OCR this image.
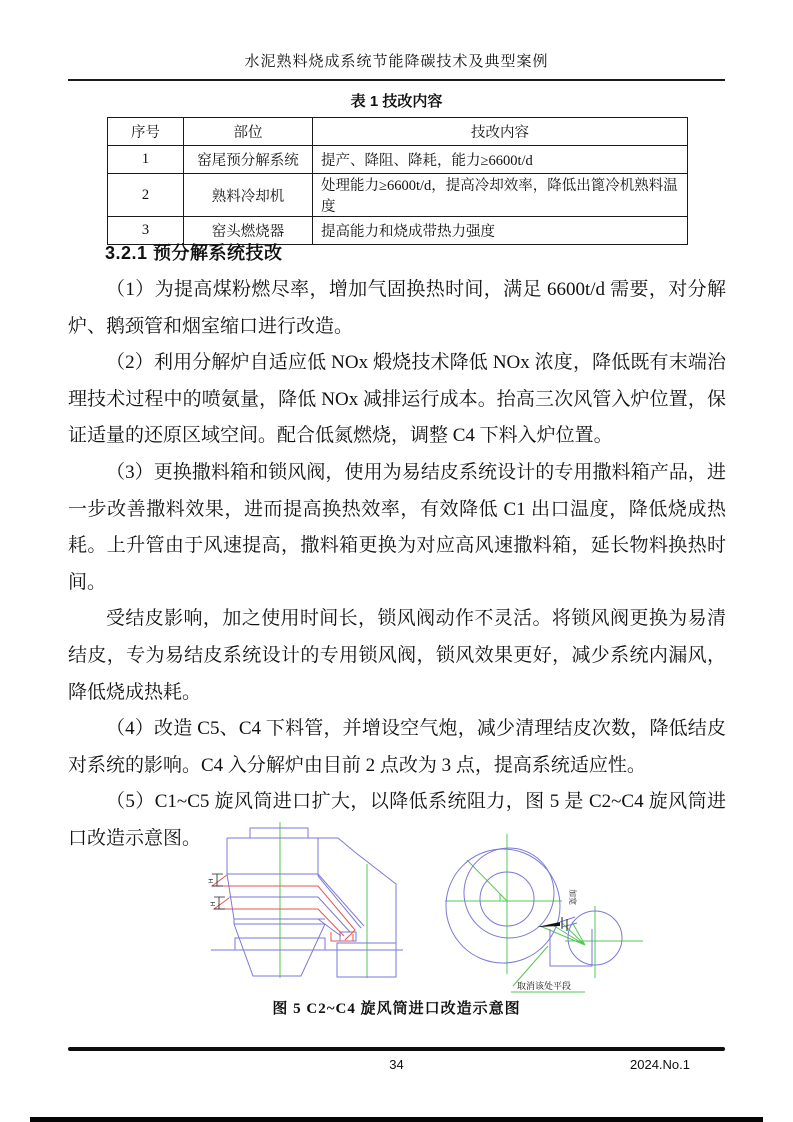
水泥熟料烧成系统节能降碳技术及典型案例
表 1 技改内容
序号	部位	技改内容
1	窑尾预分解系统	提产、降阻、降耗，能力≥6600t/d
2	熟料冷却机	处理能力≥6600t/d，提高冷却效率，降低出篦冷机熟料温度
3	窑头燃烧器	提高能力和烧成带热力强度
3.2.1 预分解系统技改

（1）为提高煤粉燃尽率，增加气固换热时间，满足 6600t/d 需要，对分解炉、鹅颈管和烟室缩口进行改造。

（2）利用分解炉自适应低 NOx 煅烧技术降低 NOx 浓度，降低既有末端治理技术过程中的喷氨量，降低 NOx 减排运行成本。抬高三次风管入炉位置，保证适量的还原区域空间。配合低氮燃烧，调整 C4 下料入炉位置。

（3）更换撒料箱和锁风阀，使用为易结皮系统设计的专用撒料箱产品，进一步改善撒料效果，进而提高换热效率，有效降低 C1 出口温度，降低烧成热耗。上升管由于风速提高，撒料箱更换为对应高风速撒料箱，延长物料换热时间。

受结皮影响，加之使用时间长，锁风阀动作不灵活。将锁风阀更换为易清结皮，专为易结皮系统设计的专用锁风阀，锁风效果更好，减少系统内漏风，降低烧成热耗。

（4）改造 C5、C4 下料管，并增设空气炮，减少清理结皮次数，降低结皮对系统的影响。C4 入分解炉由目前 2 点改为 3 点，提高系统适应性。

（5）C1~C5 旋风筒进口扩大，以降低系统阻力，图 5 是 C2~C4 旋风筒进口改造示意图。

H
H	加宽
取消该处平段
图 5 C2~C4 旋风筒进口改造示意图
34	2024.No.1
